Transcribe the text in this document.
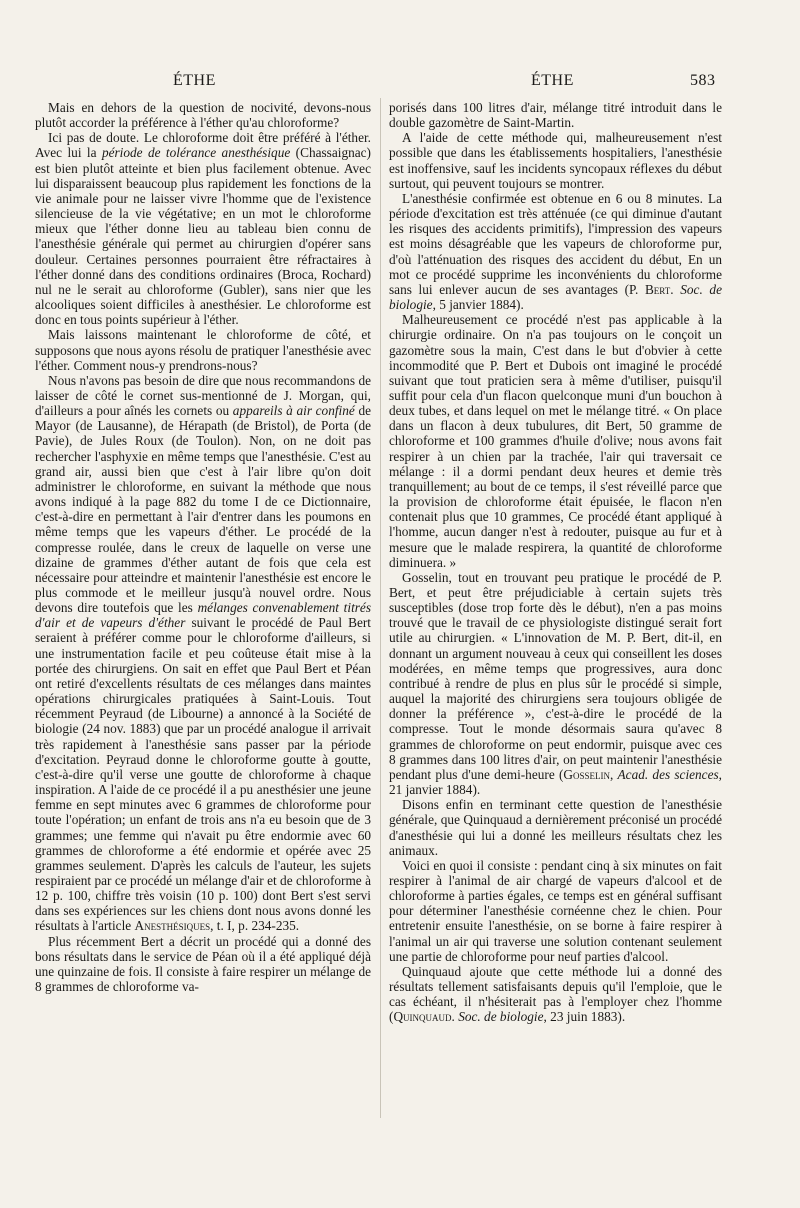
ÉTHE	ÉTHE	583

Mais en dehors de la question de nocivité, devons-nous plutôt accorder la préférence à l'éther qu'au chloroforme?

Ici pas de doute. Le chloroforme doit être préféré à l'éther. Avec lui la période de tolérance anesthésique (Chassaignac) est bien plutôt atteinte et bien plus facilement obtenue. Avec lui disparaissent beaucoup plus rapidement les fonctions de la vie animale pour ne laisser vivre l'homme que de l'existence silencieuse de la vie végétative; en un mot le chloroforme mieux que l'éther donne lieu au tableau bien connu de l'anesthésie générale qui permet au chirurgien d'opérer sans douleur. Certaines personnes pourraient être réfractaires à l'éther donné dans des conditions ordinaires (Broca, Rochard) nul ne le serait au chloroforme (Gubler), sans nier que les alcooliques soient difficiles à anesthésier. Le chloroforme est donc en tous points supérieur à l'éther.

Mais laissons maintenant le chloroforme de côté, et supposons que nous ayons résolu de pratiquer l'anesthésie avec l'éther. Comment nous-y prendrons-nous?

Nous n'avons pas besoin de dire que nous recommandons de laisser de côté le cornet sus-mentionné de J. Morgan, qui, d'ailleurs a pour aînés les cornets ou appareils à air confiné de Mayor (de Lausanne), de Hérapath (de Bristol), de Porta (de Pavie), de Jules Roux (de Toulon). Non, on ne doit pas rechercher l'asphyxie en même temps que l'anesthésie. C'est au grand air, aussi bien que c'est à l'air libre qu'on doit administrer le chloroforme, en suivant la méthode que nous avons indiqué à la page 882 du tome I de ce Dictionnaire, c'est-à-dire en permettant à l'air d'entrer dans les poumons en même temps que les vapeurs d'éther. Le procédé de la compresse roulée, dans le creux de laquelle on verse une dizaine de grammes d'éther autant de fois que cela est nécessaire pour atteindre et maintenir l'anesthésie est encore le plus commode et le meilleur jusqu'à nouvel ordre. Nous devons dire toutefois que les mélanges convenablement titrés d'air et de vapeurs d'éther suivant le procédé de Paul Bert seraient à préférer comme pour le chloroforme d'ailleurs, si une instrumentation facile et peu coûteuse était mise à la portée des chirurgiens. On sait en effet que Paul Bert et Péan ont retiré d'excellents résultats de ces mélanges dans maintes opérations chirurgicales pratiquées à Saint-Louis. Tout récemment Peyraud (de Libourne) a annoncé à la Société de biologie (24 nov. 1883) que par un procédé analogue il arrivait très rapidement à l'anesthésie sans passer par la période d'excitation. Peyraud donne le chloroforme goutte à goutte, c'est-à-dire qu'il verse une goutte de chloroforme à chaque inspiration. A l'aide de ce procédé il a pu anesthésier une jeune femme en sept minutes avec 6 grammes de chloroforme pour toute l'opération; un enfant de trois ans n'a eu besoin que de 3 grammes; une femme qui n'avait pu être endormie avec 60 grammes de chloroforme a été endormie et opérée avec 25 grammes seulement. D'après les calculs de l'auteur, les sujets respiraient par ce procédé un mélange d'air et de chloroforme à 12 p. 100, chiffre très voisin (10 p. 100) dont Bert s'est servi dans ses expériences sur les chiens dont nous avons donné les résultats à l'article Anesthésiques, t. I, p. 234-235.

Plus récemment Bert a décrit un procédé qui a donné des bons résultats dans le service de Péan où il a été appliqué déjà une quinzaine de fois. Il consiste à faire respirer un mélange de 8 grammes de chloroforme va-

porisés dans 100 litres d'air, mélange titré introduit dans le double gazomètre de Saint-Martin.

A l'aide de cette méthode qui, malheureusement n'est possible que dans les établissements hospitaliers, l'anesthésie est inoffensive, sauf les incidents syncopaux réflexes du début surtout, qui peuvent toujours se montrer.

L'anesthésie confirmée est obtenue en 6 ou 8 minutes. La période d'excitation est très atténuée (ce qui diminue d'autant les risques des accidents primitifs), l'impression des vapeurs est moins désagréable que les vapeurs de chloroforme pur, d'où l'atténuation des risques des accident du début, En un mot ce procédé supprime les inconvénients du chloroforme sans lui enlever aucun de ses avantages (P. Bert. Soc. de biologie, 5 janvier 1884).

Malheureusement ce procédé n'est pas applicable à la chirurgie ordinaire. On n'a pas toujours on le conçoit un gazomètre sous la main, C'est dans le but d'obvier à cette incommodité que P. Bert et Dubois ont imaginé le procédé suivant que tout praticien sera à même d'utiliser, puisqu'il suffit pour cela d'un flacon quelconque muni d'un bouchon à deux tubes, et dans lequel on met le mélange titré. « On place dans un flacon à deux tubulures, dit Bert, 50 gramme de chloroforme et 100 grammes d'huile d'olive; nous avons fait respirer à un chien par la trachée, l'air qui traversait ce mélange : il a dormi pendant deux heures et demie très tranquillement; au bout de ce temps, il s'est réveillé parce que la provision de chloroforme était épuisée, le flacon n'en contenait plus que 10 grammes, Ce procédé étant appliqué à l'homme, aucun danger n'est à redouter, puisque au fur et à mesure que le malade respirera, la quantité de chloroforme diminuera. »

Gosselin, tout en trouvant peu pratique le procédé de P. Bert, et peut être préjudiciable à certain sujets très susceptibles (dose trop forte dès le début), n'en a pas moins trouvé que le travail de ce physiologiste distingué serait fort utile au chirurgien. « L'innovation de M. P. Bert, dit-il, en donnant un argument nouveau à ceux qui conseillent les doses modérées, en même temps que progressives, aura donc contribué à rendre de plus en plus sûr le procédé si simple, auquel la majorité des chirurgiens sera toujours obligée de donner la préférence », c'est-à-dire le procédé de la compresse. Tout le monde désormais saura qu'avec 8 grammes de chloroforme on peut endormir, puisque avec ces 8 grammes dans 100 litres d'air, on peut maintenir l'anesthésie pendant plus d'une demi-heure (Gosselin, Acad. des sciences, 21 janvier 1884).

Disons enfin en terminant cette question de l'anesthésie générale, que Quinquaud a dernièrement préconisé un procédé d'anesthésie qui lui a donné les meilleurs résultats chez les animaux.

Voici en quoi il consiste : pendant cinq à six minutes on fait respirer à l'animal de air chargé de vapeurs d'alcool et de chloroforme à parties égales, ce temps est en général suffisant pour déterminer l'anesthésie cornéenne chez le chien. Pour entretenir ensuite l'anesthésie, on se borne à faire respirer à l'animal un air qui traverse une solution contenant seulement une partie de chloroforme pour neuf parties d'alcool.

Quinquaud ajoute que cette méthode lui a donné des résultats tellement satisfaisants depuis qu'il l'emploie, que le cas échéant, il n'hésiterait pas à l'employer chez l'homme (Quinquaud. Soc. de biologie, 23 juin 1883).
